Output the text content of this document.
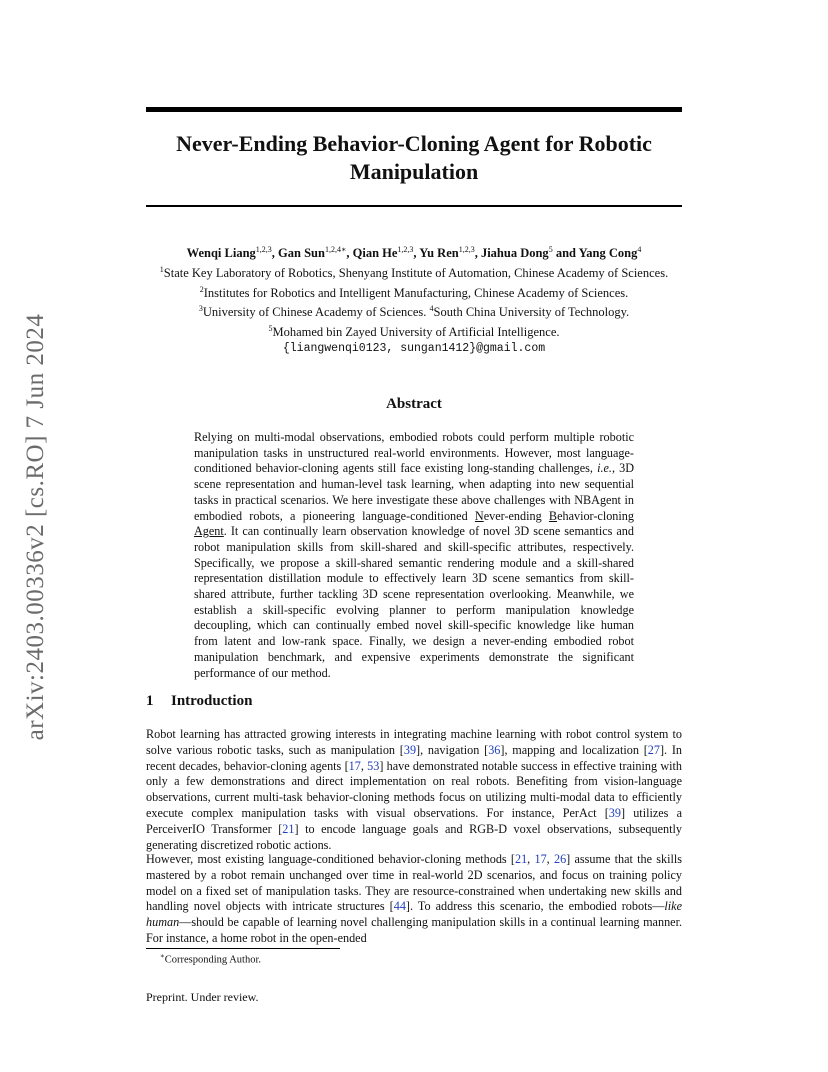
arXiv:2403.00336v2 [cs.RO] 7 Jun 2024
Never-Ending Behavior-Cloning Agent for Robotic
Manipulation
Wenqi Liang$^{1,2,3}$, Gan Sun$^{1,2,4∗}$, Qian He$^{1,2,3}$, Yu Ren$^{1,2,3}$, Jiahua Dong$^5$ and Yang Cong$^4$
$^1$State Key Laboratory of Robotics, Shenyang Institute of Automation, Chinese Academy of Sciences.
$^2$Institutes for Robotics and Intelligent Manufacturing, Chinese Academy of Sciences.
$^3$University of Chinese Academy of Sciences. $^4$South China University of Technology.
$^5$Mohamed bin Zayed University of Artificial Intelligence.
{liangwenqi0123, sungan1412}@gmail.com
Abstract

Relying on multi-modal observations, embodied robots could perform multiple robotic manipulation tasks in unstructured real-world environments. However, most language-conditioned behavior-cloning agents still face existing long-standing challenges, i.e., 3D scene representation and human-level task learning, when adapting into new sequential tasks in practical scenarios. We here investigate these above challenges with NBAgent in embodied robots, a pioneering language-conditioned Never-ending Behavior-cloning Agent. It can continually learn observation knowledge of novel 3D scene semantics and robot manipulation skills from skill-shared and skill-specific attributes, respectively. Specifically, we propose a skill-shared semantic rendering module and a skill-shared representation distillation module to effectively learn 3D scene semantics from skill-shared attribute, further tackling 3D scene representation overlooking. Meanwhile, we establish a skill-specific evolving planner to perform manipulation knowledge decoupling, which can continually embed novel skill-specific knowledge like human from latent and low-rank space. Finally, we design a never-ending embodied robot manipulation benchmark, and expensive experiments demonstrate the significant performance of our method.

1 Introduction

Robot learning has attracted growing interests in integrating machine learning with robot control system to solve various robotic tasks, such as manipulation [39], navigation [36], mapping and localization [27]. In recent decades, behavior-cloning agents [17, 53] have demonstrated notable success in effective training with only a few demonstrations and direct implementation on real robots. Benefiting from vision-language observations, current multi-task behavior-cloning methods focus on utilizing multi-modal data to efficiently execute complex manipulation tasks with visual observations. For instance, PerAct [39] utilizes a PerceiverIO Transformer [21] to encode language goals and RGB-D voxel observations, subsequently generating discretized robotic actions.

However, most existing language-conditioned behavior-cloning methods [21, 17, 26] assume that the skills mastered by a robot remain unchanged over time in real-world 2D scenarios, and focus on training policy model on a fixed set of manipulation tasks. They are resource-constrained when undertaking new skills and handling novel objects with intricate structures [44]. To address this scenario, the embodied robots—like human—should be capable of learning novel challenging manipulation skills in a continual learning manner. For instance, a home robot in the open-ended

∗Corresponding Author.

Preprint. Under review.
